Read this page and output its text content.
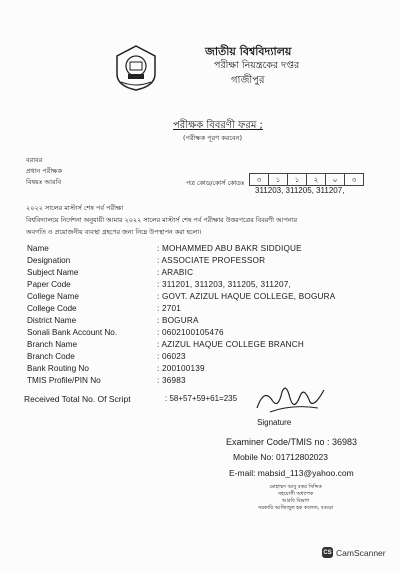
জাতীয় বিশ্ববিদ্যালয়
পরীক্ষা নিয়ন্ত্রকের দপ্তর
গাজীপুর
পরীক্ষক বিবরণী ফরম ;
(পরীক্ষক পূরণ করবেন)
বরাবর
প্রধান পরীক্ষক
বিষয়ঃ আরবি	পত্র কোড/কোর্স কোডঃ	৩	১	১	২	০	৩
311203, 311205, 311207,
২০২২ সালের মাস্টার্স শেষ পর্ব পরীক্ষা
বিশ্ববিদ্যালয়ে নির্দেশনা অনুযায়ী আমার ২০২২ সালের মাস্টার্স শেষ পর্ব পরীক্ষার উত্তরপত্রের বিবরণী আপনার
অবগতি ও প্রয়োজনীয় ব্যবস্থা গ্রহণের জন্য নিম্নে উপস্থাপন করা হলো।
Name	: MOHAMMED ABU BAKR SIDDIQUE
Designation	: ASSOCIATE PROFESSOR
Subject Name	: ARABIC
Paper Code	: 311201, 311203, 311205, 311207,
College Name	: GOVT. AZIZUL HAQUE COLLEGE, BOGURA
College Code	: 2701
District Name	: BOGURA
Sonali Bank Account No.	: 0602100105476
Branch Name	: AZIZUL HAQUE COLLEGE BRANCH
Branch Code	: 06023
Bank Routing No	: 200100139
TMIS Profile/PIN No	: 36983
Received Total No. Of Script	: 58+57+59+61=235
Signature
Examiner Code/TMIS no : 36983
Mobile No: 01712802023
E-mail: mabsid_113@yahoo.com
মোহাম্মদ আবু বকর সিদ্দিক
সহযোগী অধ্যাপক
আরবি বিভাগ
সরকারি আজিজুল হক কলেজ, বগুড়া
CS CamScanner
